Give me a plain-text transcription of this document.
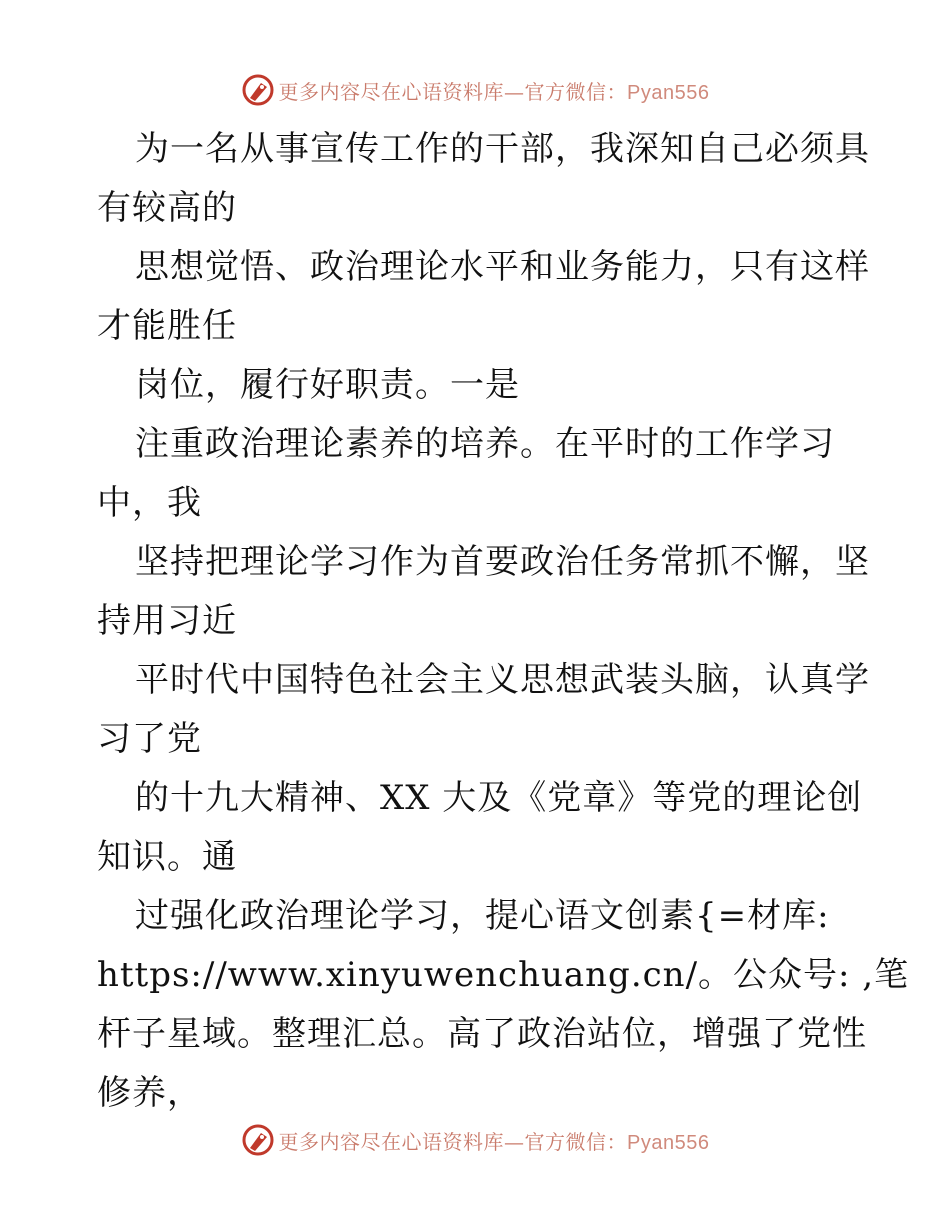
更多内容尽在心语资料库—官方微信：Pyan556
为一名从事宣传工作的干部，我深知自己必须具
有较高的
思想觉悟、政治理论水平和业务能力，只有这样
才能胜任
岗位，履行好职责。一是
注重政治理论素养的培养。在平时的工作学习
中，我
坚持把理论学习作为首要政治任务常抓不懈，坚
持用习近
平时代中国特色社会主义思想武装头脑，认真学
习了党
的十九大精神、XX 大及《党章》等党的理论创
知识。通
过强化政治理论学习，提心语文创素{=材库:
https://www.xinyuwenchuang.cn/。公众号: ,笔
杆子星域。整理汇总。高了政治站位，增强了党性
修养，
更多内容尽在心语资料库—官方微信：Pyan556
